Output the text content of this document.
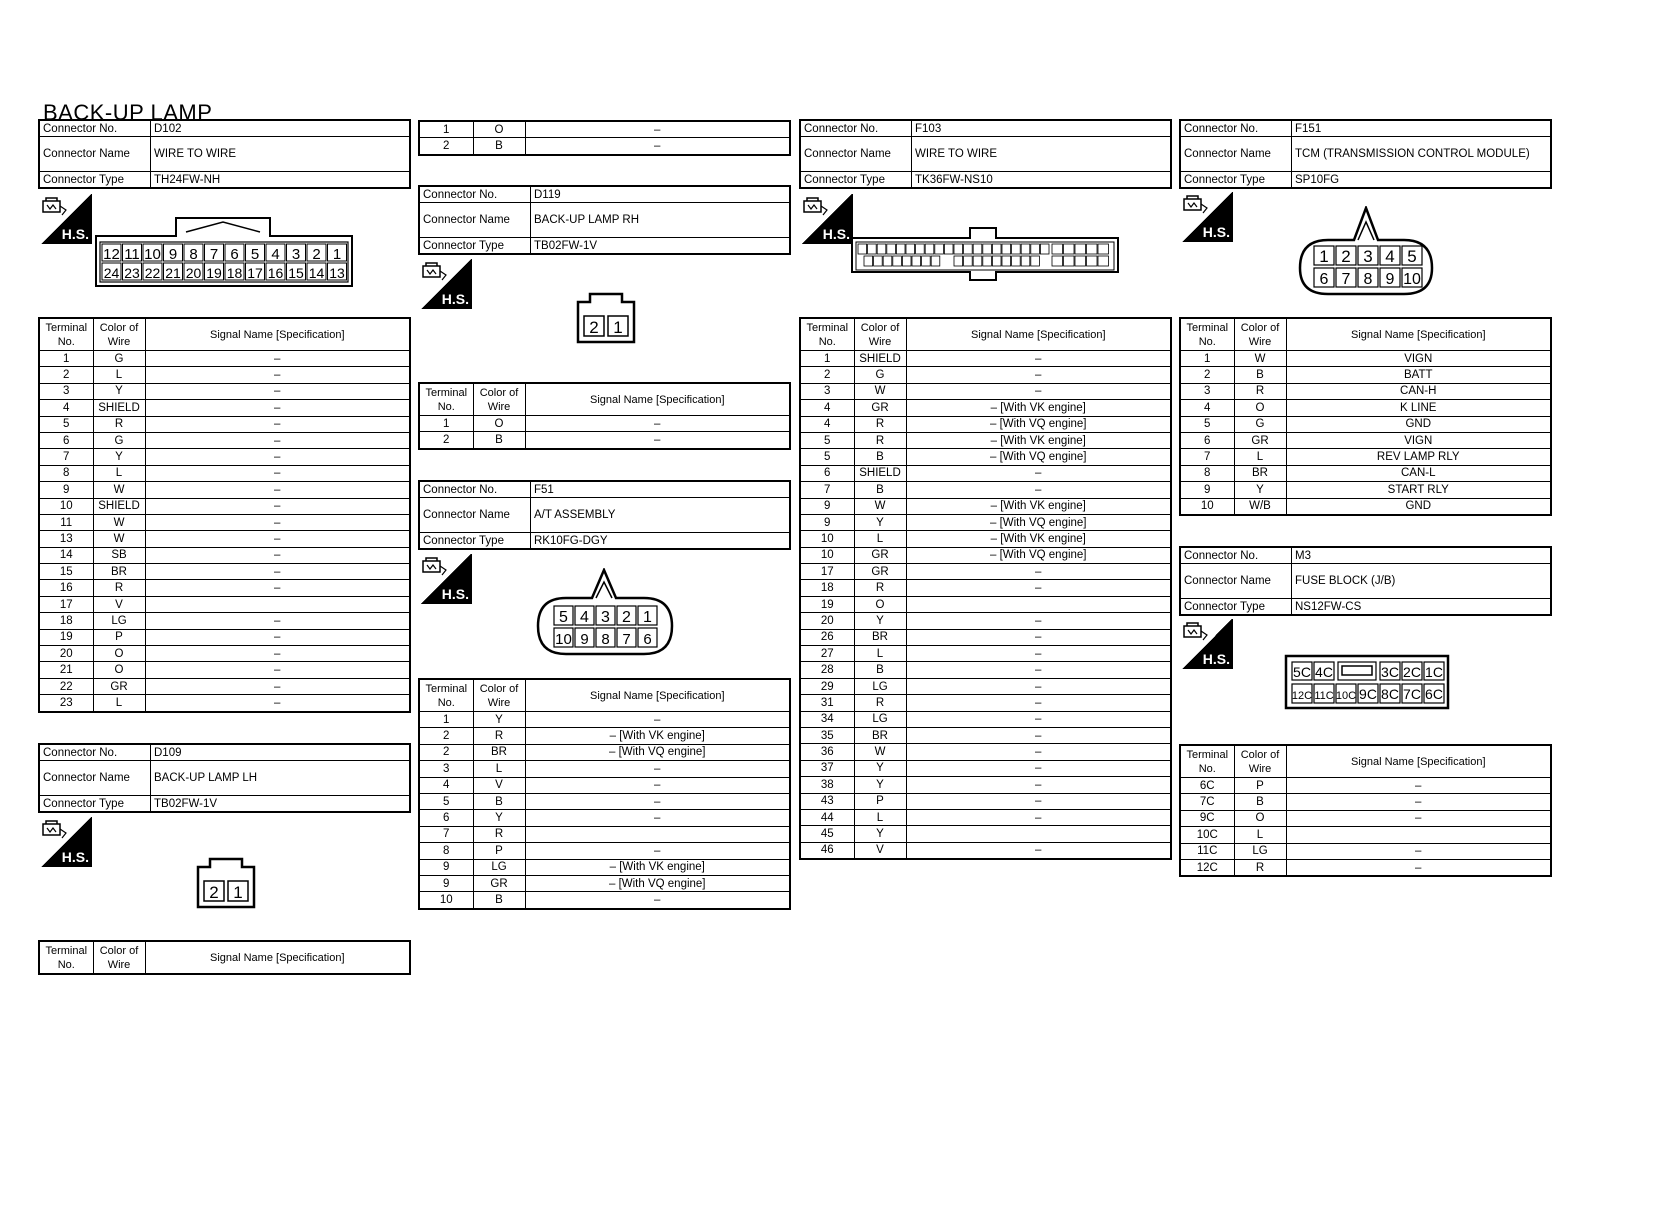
BACK-UP LAMP
Connector No.	D102
Connector Name	WIRE TO WIRE
Connector Type	TH24FW-NH
H.S.
12
24
11
23
10
22
9
21
8
20
7
19
6
18
5
17
4
16
3
15
2
14
1
13
Terminal No.	Color of Wire	Signal Name [Specification]
1	G	–
2	L	–
3	Y	–
4	SHIELD	–
5	R	–
6	G	–
7	Y	–
8	L	–
9	W	–
10	SHIELD	–
11	W	–
13	W	–
14	SB	–
15	BR	–
16	R	–
17	V	
18	LG	–
19	P	–
20	O	–
21	O	–
22	GR	–
23	L	–
Connector No.	D109
Connector Name	BACK-UP LAMP LH
Connector Type	TB02FW-1V
H.S.
2 1
Terminal No.	Color of Wire	Signal Name [Specification]
1	O	–
2	B	–
Connector No.	D119
Connector Name	BACK-UP LAMP RH
Connector Type	TB02FW-1V
H.S.
2 1
Terminal No.	Color of Wire	Signal Name [Specification]
1	O	–
2	B	–
Connector No.	F51
Connector Name	A/T ASSEMBLY
Connector Type	RK10FG-DGY
H.S.
5
10
4
9
3
8
2
7
1
6
Terminal No.	Color of Wire	Signal Name [Specification]
1	Y	–
2	R	– [With VK engine]
2	BR	– [With VQ engine]
3	L	–
4	V	–
5	B	–
6	Y	–
7	R	
8	P	–
9	LG	– [With VK engine]
9	GR	– [With VQ engine]
10	B	–
Connector No.	F103
Connector Name	WIRE TO WIRE
Connector Type	TK36FW-NS10
H.S.
Terminal No.	Color of Wire	Signal Name [Specification]
1	SHIELD	–
2	G	–
3	W	–
4	GR	– [With VK engine]
4	R	– [With VQ engine]
5	R	– [With VK engine]
5	B	– [With VQ engine]
6	SHIELD	–
7	B	–
9	W	– [With VK engine]
9	Y	– [With VQ engine]
10	L	– [With VK engine]
10	GR	– [With VQ engine]
17	GR	–
18	R	–
19	O	
20	Y	–
26	BR	–
27	L	–
28	B	–
29	LG	–
31	R	–
34	LG	–
35	BR	–
36	W	–
37	Y	–
38	Y	–
43	P	–
44	L	–
45	Y	
46	V	–
Connector No.	F151
Connector Name	TCM (TRANSMISSION CONTROL MODULE)
Connector Type	SP10FG
H.S.
1
6
2
7
3
8
4
9
5
10
Terminal No.	Color of Wire	Signal Name [Specification]
1	W	VIGN
2	B	BATT
3	R	CAN-H
4	O	K LINE
5	G	GND
6	GR	VIGN
7	L	REV LAMP RLY
8	BR	CAN-L
9	Y	START RLY
10	W/B	GND
Connector No.	M3
Connector Name	FUSE BLOCK (J/B)
Connector Type	NS12FW-CS
H.S.
5C 4C	3C 2C 1C
12C 11C 10C 9C 8C 7C 6C
Terminal No.	Color of Wire	Signal Name [Specification]
6C	P	–
7C	B	–
9C	O	–
10C	L	
11C	LG	–
12C	R	–
